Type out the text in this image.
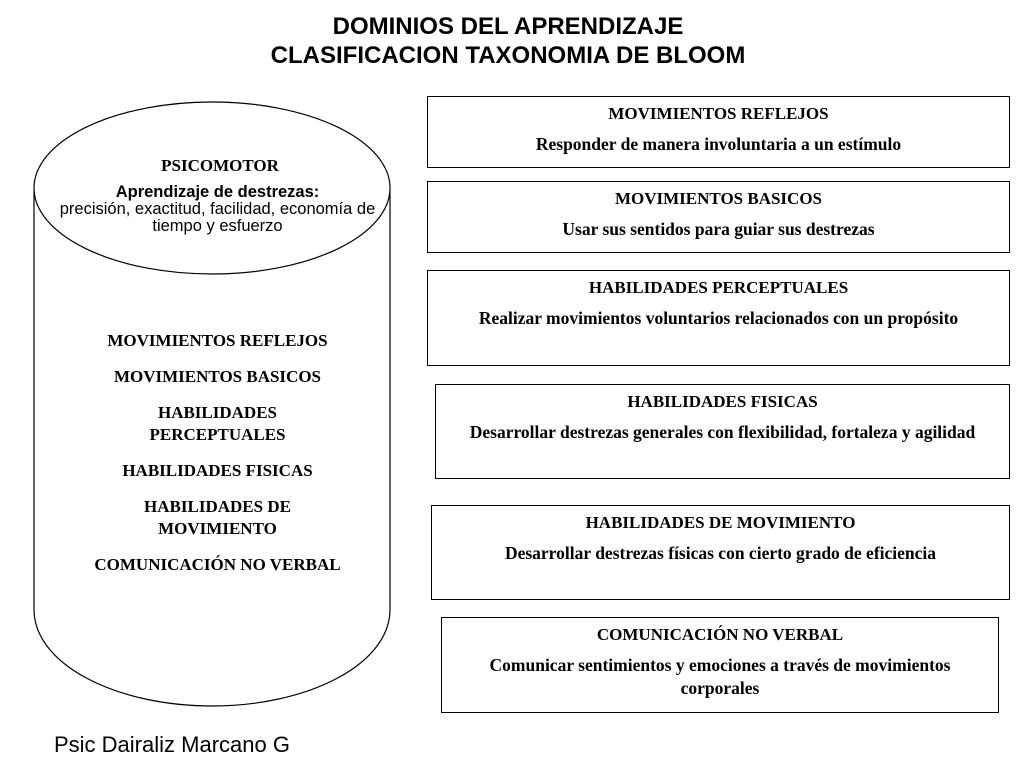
DOMINIOS DEL APRENDIZAJE
CLASIFICACION TAXONOMIA DE BLOOM
PSICOMOTOR
Aprendizaje de destrezas:
precisión, exactitud, facilidad, economía de tiempo y esfuerzo
MOVIMIENTOS REFLEJOS
MOVIMIENTOS BASICOS
HABILIDADES PERCEPTUALES
HABILIDADES FISICAS
HABILIDADES DE MOVIMIENTO
COMUNICACIÓN NO VERBAL
MOVIMIENTOS REFLEJOS
Responder de manera involuntaria a un estímulo
MOVIMIENTOS BASICOS
Usar sus sentidos para guiar sus destrezas
HABILIDADES PERCEPTUALES
Realizar movimientos voluntarios relacionados con un propósito
HABILIDADES FISICAS
Desarrollar destrezas generales con flexibilidad, fortaleza y agilidad
HABILIDADES DE MOVIMIENTO
Desarrollar destrezas físicas con cierto grado de eficiencia
COMUNICACIÓN NO VERBAL
Comunicar sentimientos y emociones a través de movimientos corporales
Psic Dairaliz Marcano G
